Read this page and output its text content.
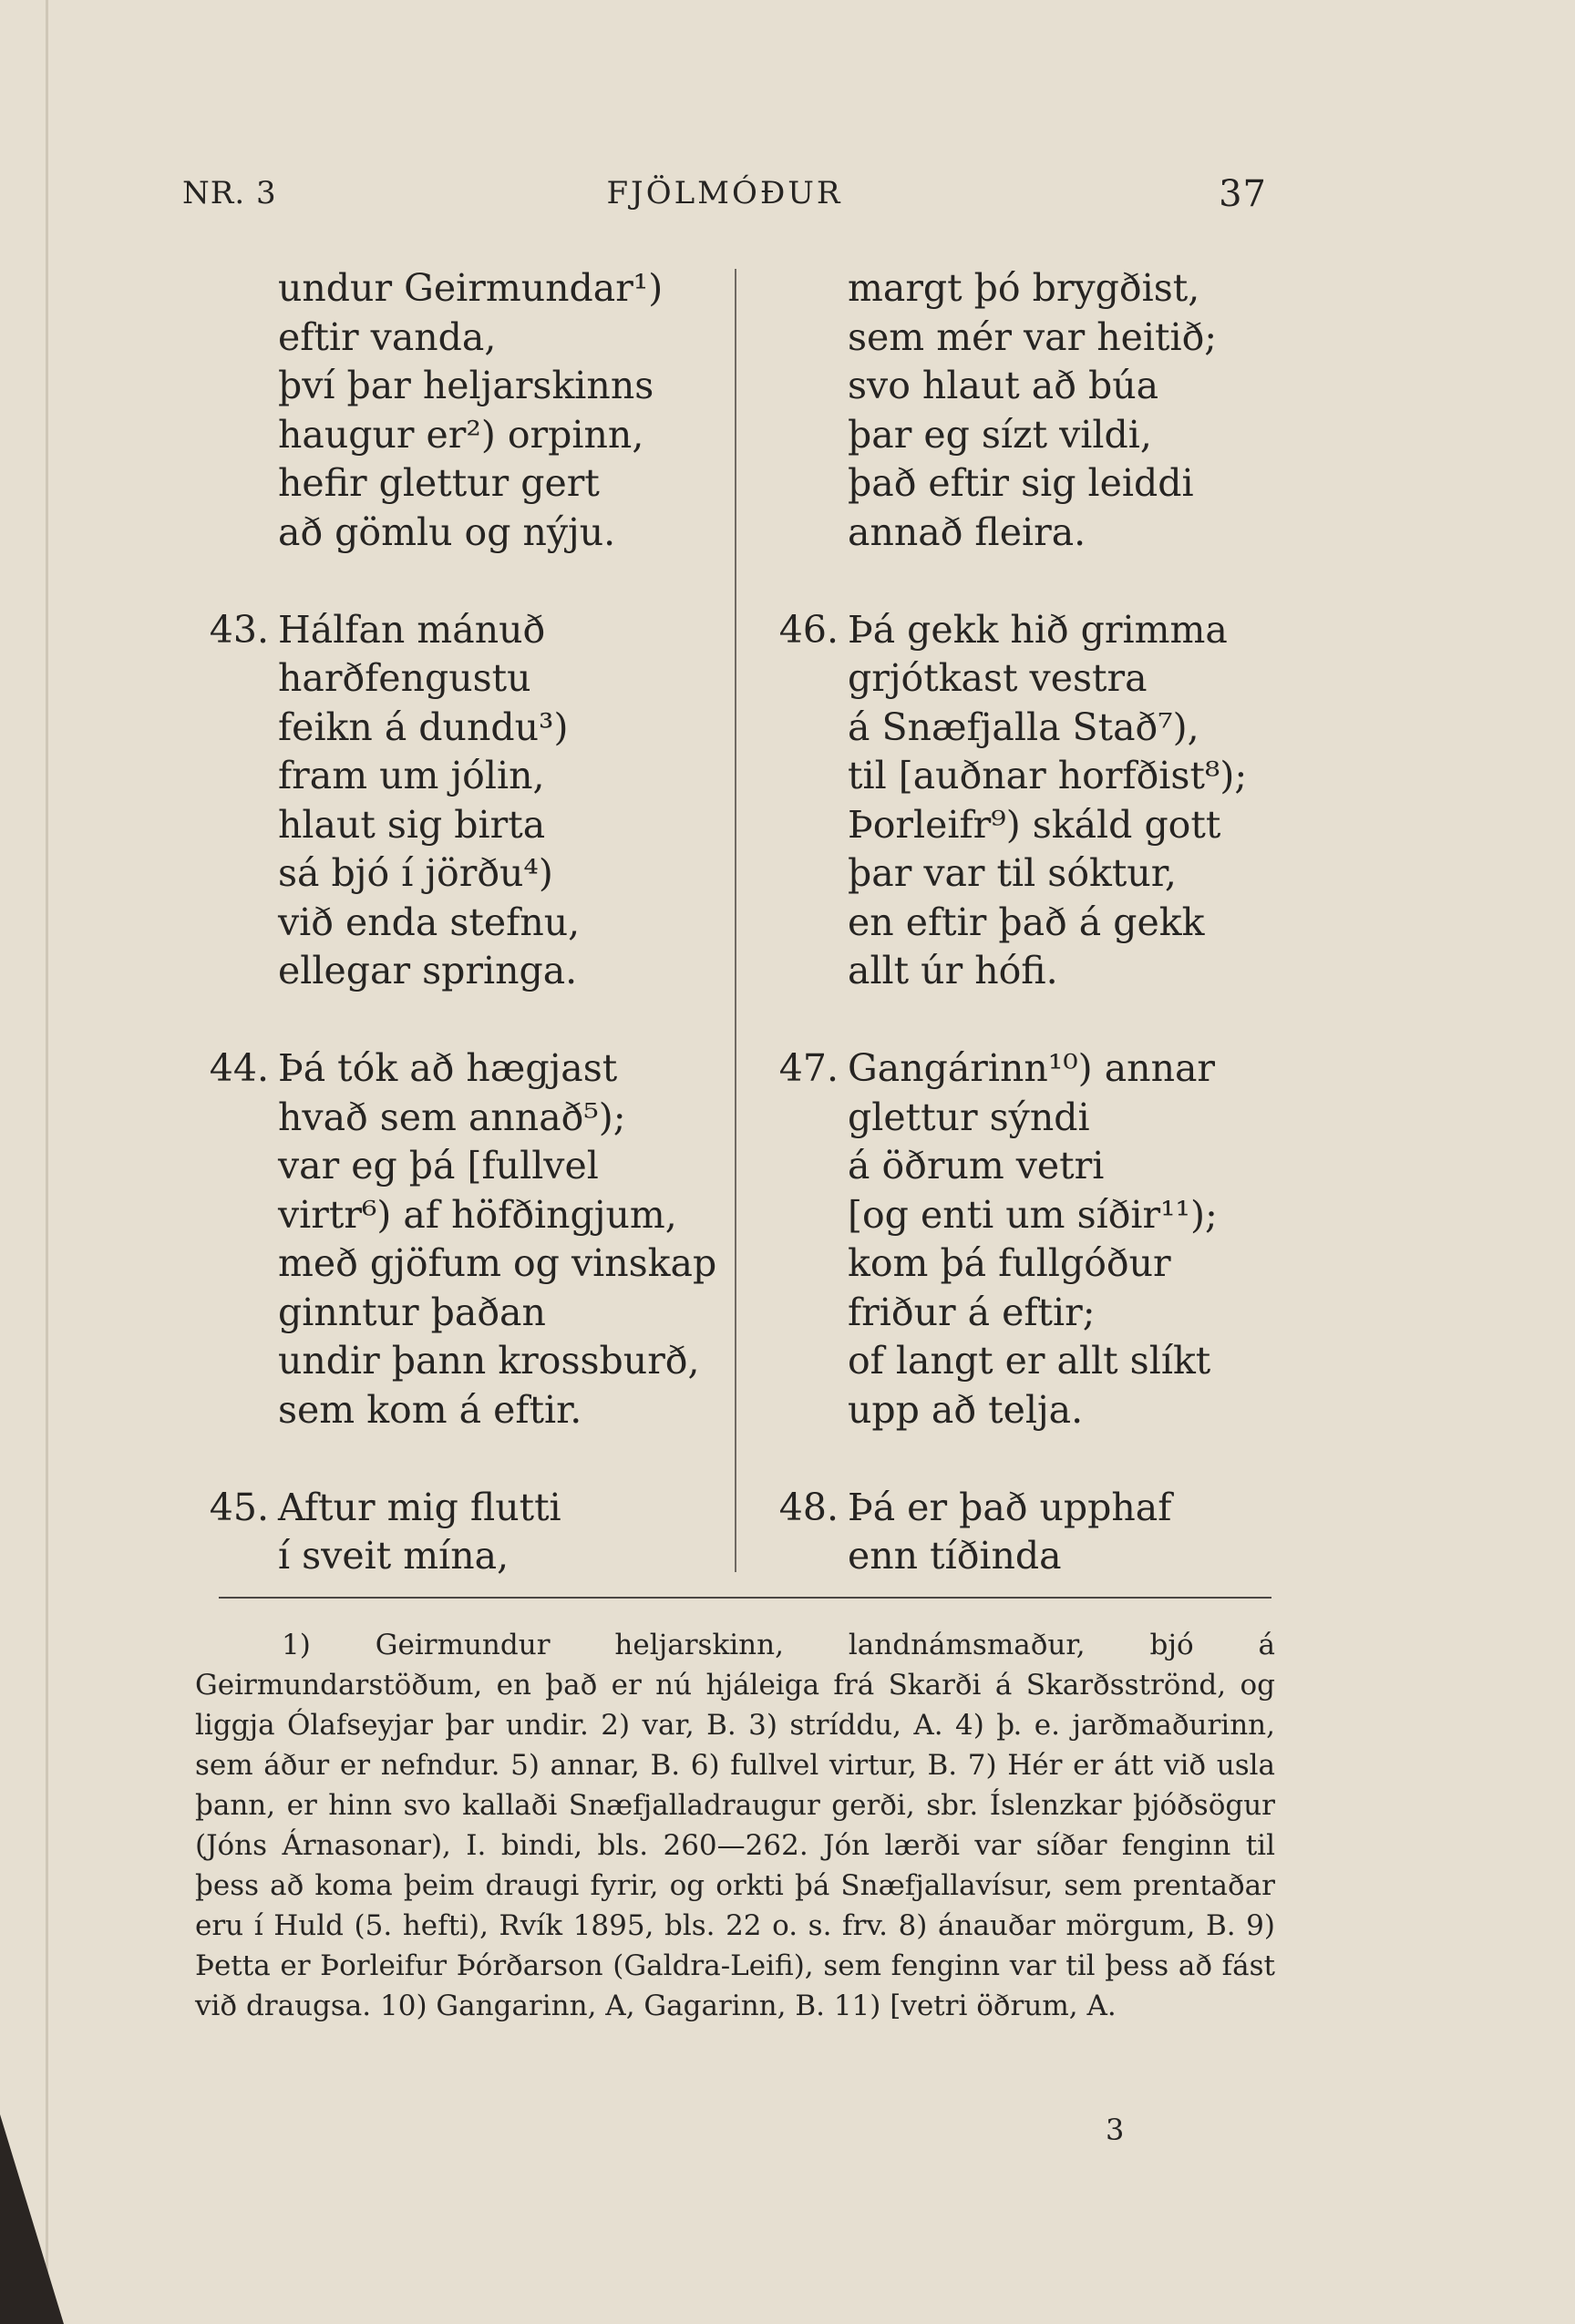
NR. 3	FJÖLMÓÐUR	37
undur Geirmundar¹)
eftir vanda,
því þar heljarskinns
haugur er²) orpinn,
hefir glettur gert
að gömlu og nýju.
43. Hálfan mánuð
harðfengustu
feikn á dundu³)
fram um jólin,
hlaut sig birta
sá bjó í jörðu⁴)
við enda stefnu,
ellegar springa.
44. Þá tók að hægjast
hvað sem annað⁵);
var eg þá [fullvel
virtr⁶) af höfðingjum,
með gjöfum og vinskap
ginntur þaðan
undir þann krossburð,
sem kom á eftir.
45. Aftur mig flutti
í sveit mína,
margt þó brygðist,
sem mér var heitið;
svo hlaut að búa
þar eg sízt vildi,
það eftir sig leiddi
annað fleira.
46. Þá gekk hið grimma
grjótkast vestra
á Snæfjalla Stað⁷),
til [auðnar horfðist⁸);
Þorleifr⁹) skáld gott
þar var til sóktur,
en eftir það á gekk
allt úr hófi.
47. Gangárinn¹⁰) annar
glettur sýndi
á öðrum vetri
[og enti um síðir¹¹);
kom þá fullgóður
friður á eftir;
of langt er allt slíkt
upp að telja.
48. Þá er það upphaf
enn tíðinda

1) Geirmundur heljarskinn, landnámsmaður, bjó á Geirmundarstöðum, en það er nú hjáleiga frá Skarði á Skarðsströnd, og liggja Ólafseyjar þar undir. 2) var, B. 3) stríddu, A. 4) þ. e. jarðmaðurinn, sem áður er nefndur. 5) annar, B. 6) fullvel virtur, B. 7) Hér er átt við usla þann, er hinn svo kallaði Snæfjalladraugur gerði, sbr. Íslenzkar þjóðsögur (Jóns Árnasonar), I. bindi, bls. 260—262. Jón lærði var síðar fenginn til þess að koma þeim draugi fyrir, og orkti þá Snæfjallavísur, sem prentaðar eru í Huld (5. hefti), Rvík 1895, bls. 22 o. s. frv. 8) ánauðar mörgum, B. 9) Þetta er Þorleifur Þórðarson (Galdra-Leifi), sem fenginn var til þess að fást við draugsa. 10) Gangarinn, A, Gagarinn, B. 11) [vetri öðrum, A.

3
